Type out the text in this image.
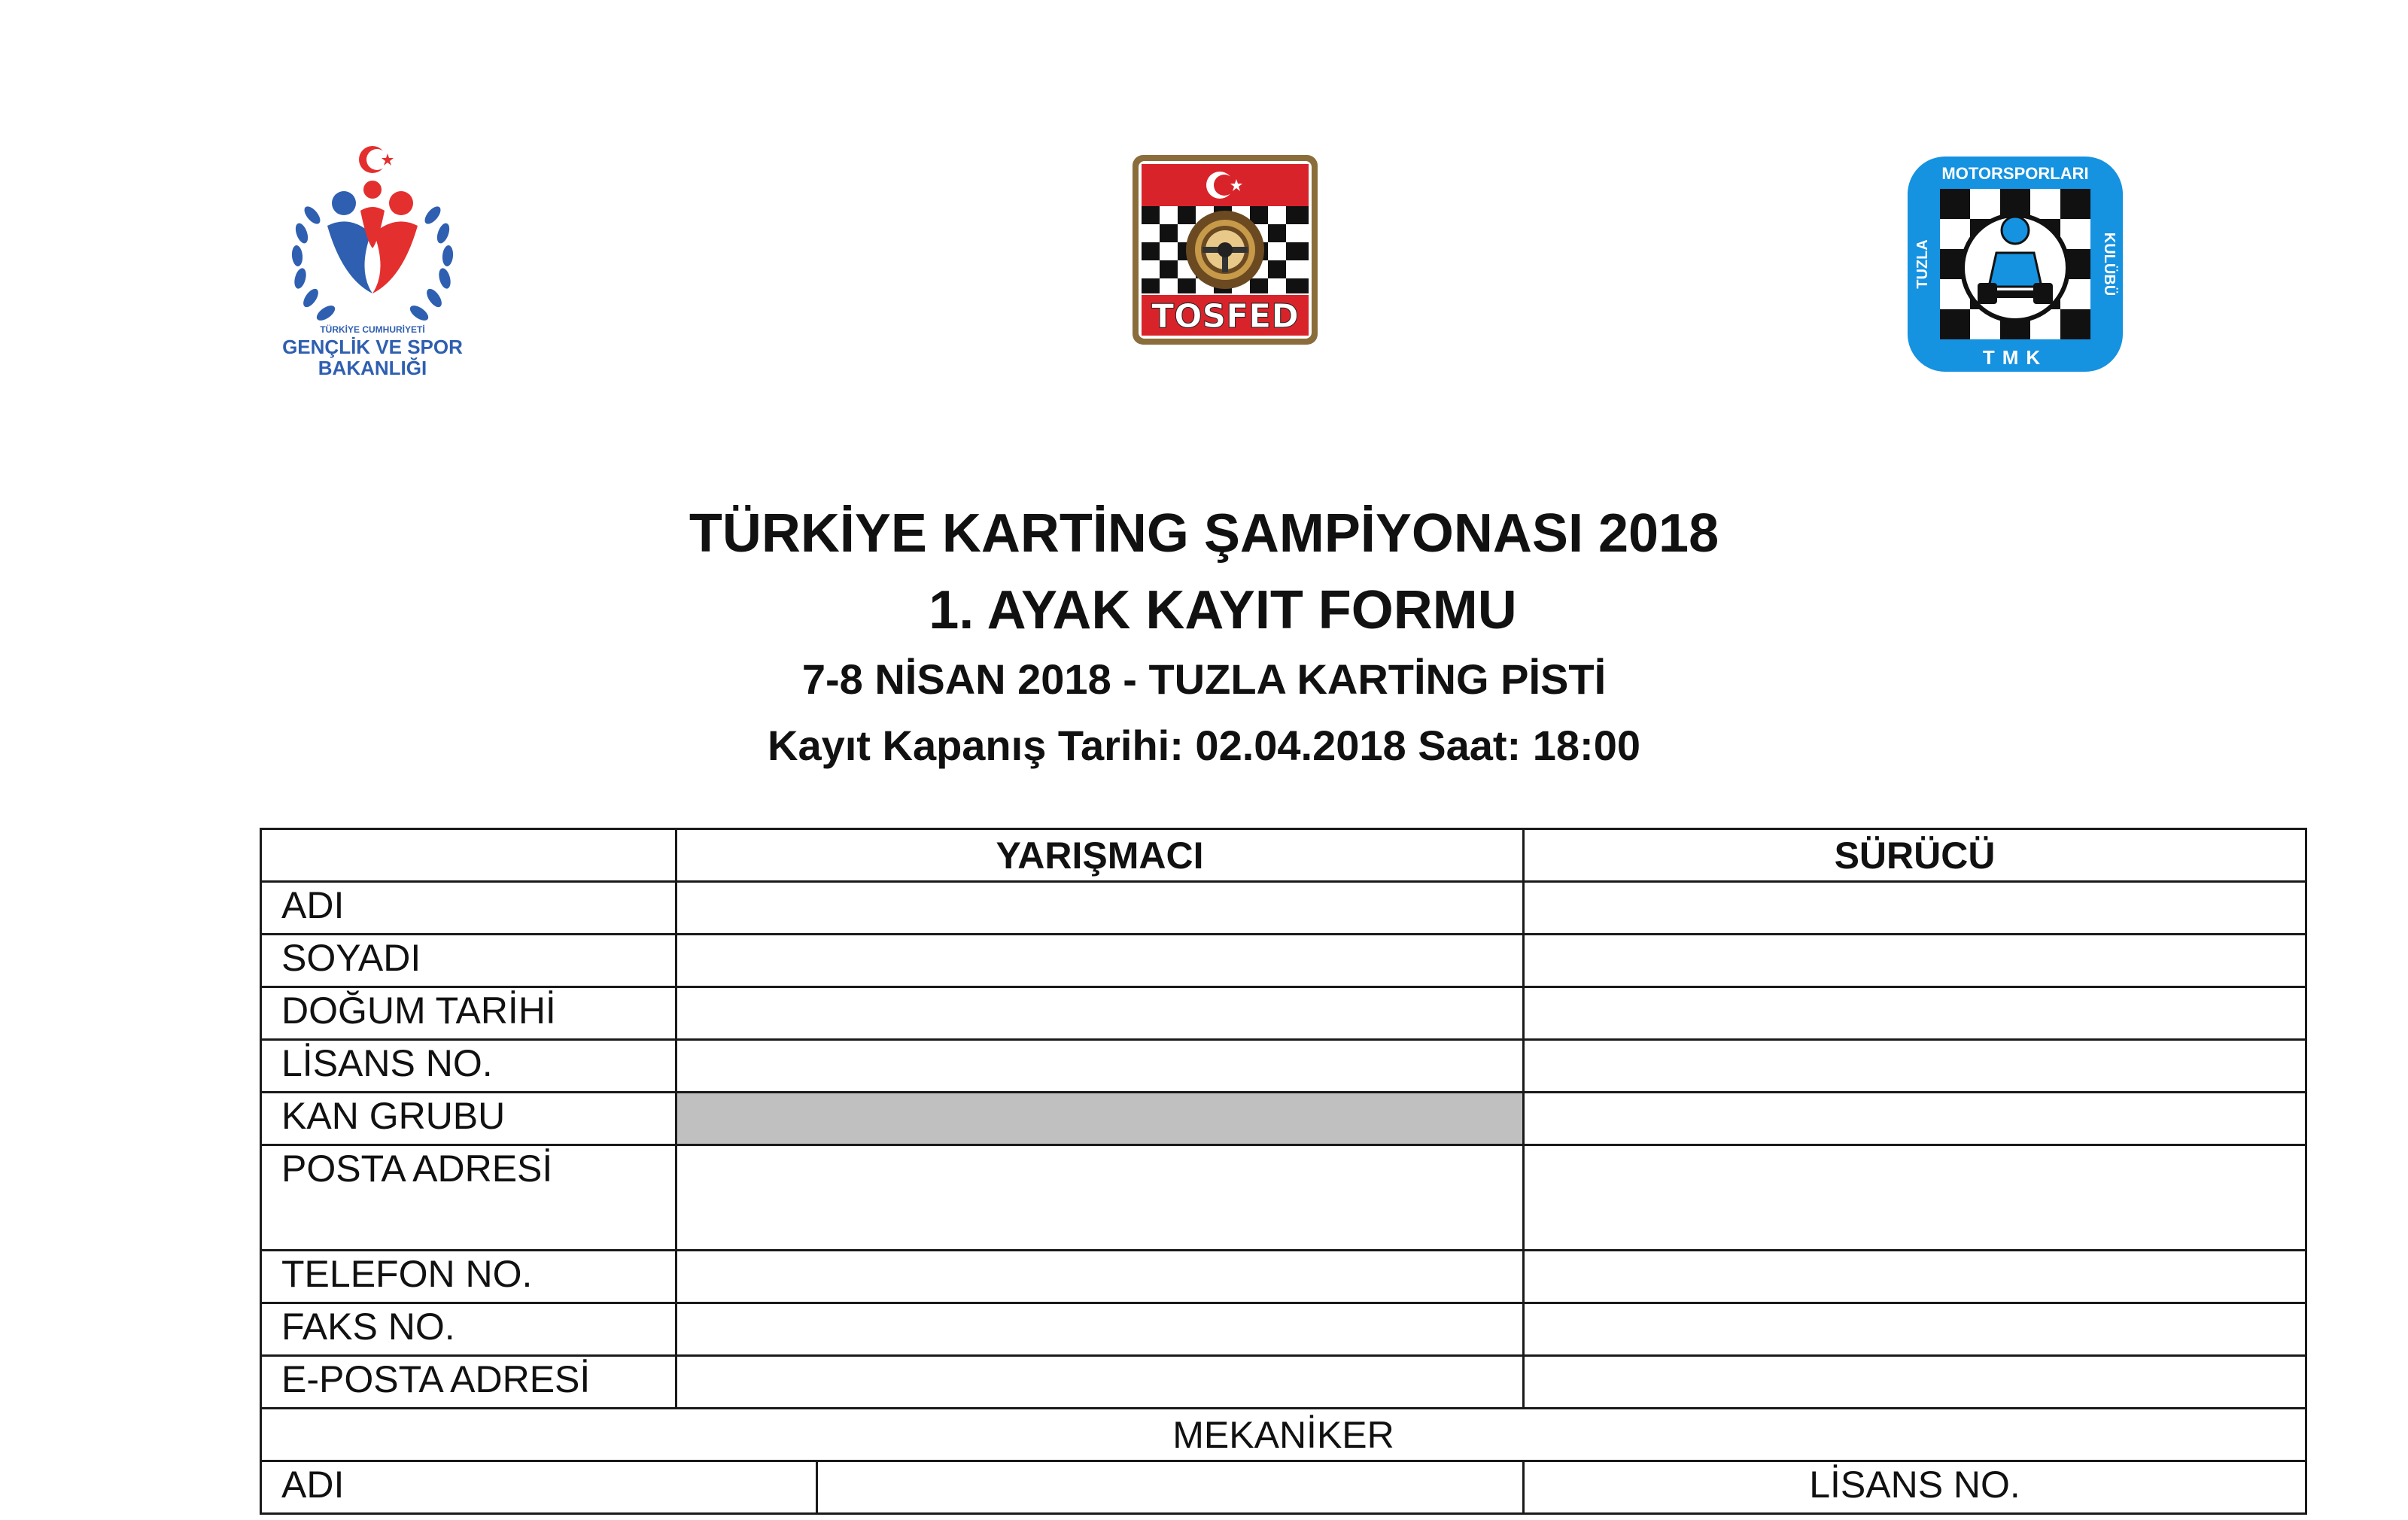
TÜRKİYE CUMHURİYETİ
GENÇLİK VE SPOR
BAKANLIĞI
TOSFED
MOTORSPORLARI
TMK
TUZLA	KULÜBÜ
TÜRKİYE KARTİNG ŞAMPİYONASI 2018
1. AYAK KAYIT FORMU
7-8 NİSAN 2018 - TUZLA KARTİNG PİSTİ
Kayıt Kapanış Tarihi: 02.04.2018 Saat: 18:00
	YARIŞMACI		SÜRÜCÜ
ADI			
SOYADI			
DOĞUM TARİHİ			
LİSANS NO.			
KAN GRUBU			
POSTA ADRESİ			
TELEFON NO.			
FAKS NO.			
E-POSTA ADRESİ			
MEKANİKER			
ADI			LİSANS NO.
